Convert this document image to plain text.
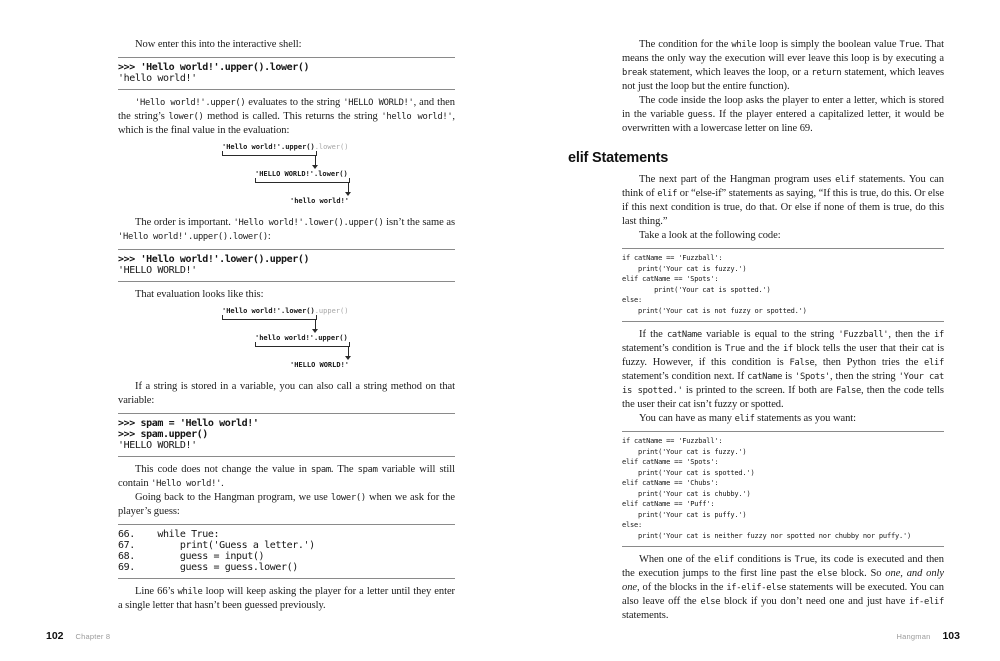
Now enter this into the interactive shell:

>>> 'Hello world!'.upper().lower()
'hello world!'

'Hello world!'.upper() evaluates to the string 'HELLO WORLD!', and then the string’s lower() method is called. This returns the string 'hello world!', which is the final value in the evaluation:

'Hello world!'.upper().lower()
'HELLO WORLD!'.lower()
'hello world!'

The order is important. 'Hello world!'.lower().upper() isn’t the same as 'Hello world!'.upper().lower():

>>> 'Hello world!'.lower().upper()
'HELLO WORLD!'

That evaluation looks like this:

'Hello world!'.lower().upper()
'hello world!'.upper()
'HELLO WORLD!'

If a string is stored in a variable, you can also call a string method on that variable:

>>> spam = 'Hello world!'
>>> spam.upper()
'HELLO WORLD!'

This code does not change the value in spam. The spam variable will still contain 'Hello world!'.

Going back to the Hangman program, we use lower() when we ask for the player’s guess:

66.    while True:
67.        print('Guess a letter.')
68.        guess = input()
69.        guess = guess.lower()

Line 66’s while loop will keep asking the player for a letter until they enter a single letter that hasn’t been guessed previously.

The condition for the while loop is simply the boolean value True. That means the only way the execution will ever leave this loop is by executing a break statement, which leaves the loop, or a return statement, which leaves not just the loop but the entire function).

The code inside the loop asks the player to enter a letter, which is stored in the variable guess. If the player entered a capitalized letter, it would be overwritten with a lowercase letter on line 69.

elif Statements

The next part of the Hangman program uses elif statements. You can think of elif or “else-if” statements as saying, “If this is true, do this. Or else if this next condition is true, do that. Or else if none of them is true, do this last thing.”

Take a look at the following code:

if catName == 'Fuzzball':
print('Your cat is fuzzy.')
elif catName == 'Spots':
print('Your cat is spotted.')
else:
print('Your cat is not fuzzy or spotted.')

If the catName variable is equal to the string 'Fuzzball', then the if statement’s condition is True and the if block tells the user that their cat is fuzzy. However, if this condition is False, then Python tries the elif statement’s condition next. If catName is 'Spots', then the string 'Your cat is spotted.' is printed to the screen. If both are False, then the code tells the user their cat isn’t fuzzy or spotted.

You can have as many elif statements as you want:

if catName == 'Fuzzball':
print('Your cat is fuzzy.')
elif catName == 'Spots':
print('Your cat is spotted.')
elif catName == 'Chubs':
print('Your cat is chubby.')
elif catName == 'Puff':
print('Your cat is puffy.')
else:
print('Your cat is neither fuzzy nor spotted nor chubby nor puffy.')

When one of the elif conditions is True, its code is executed and then the execution jumps to the first line past the else block. So one, and only one, of the blocks in the if-elif-else statements will be executed. You can also leave off the else block if you don’t need one and just have if-elif statements.

102 Chapter 8	Hangman 103
